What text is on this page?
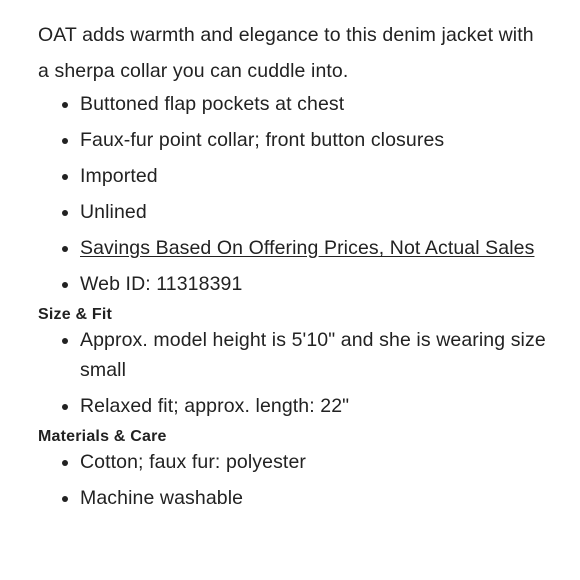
OAT adds warmth and elegance to this denim jacket with a sherpa collar you can cuddle into.

Buttoned flap pockets at chest
Faux-fur point collar; front button closures
Imported
Unlined
Savings Based On Offering Prices, Not Actual Sales
Web ID: 11318391
Size & Fit
Approx. model height is 5'10" and she is wearing size small
Relaxed fit; approx. length: 22"
Materials & Care
Cotton; faux fur: polyester
Machine washable
